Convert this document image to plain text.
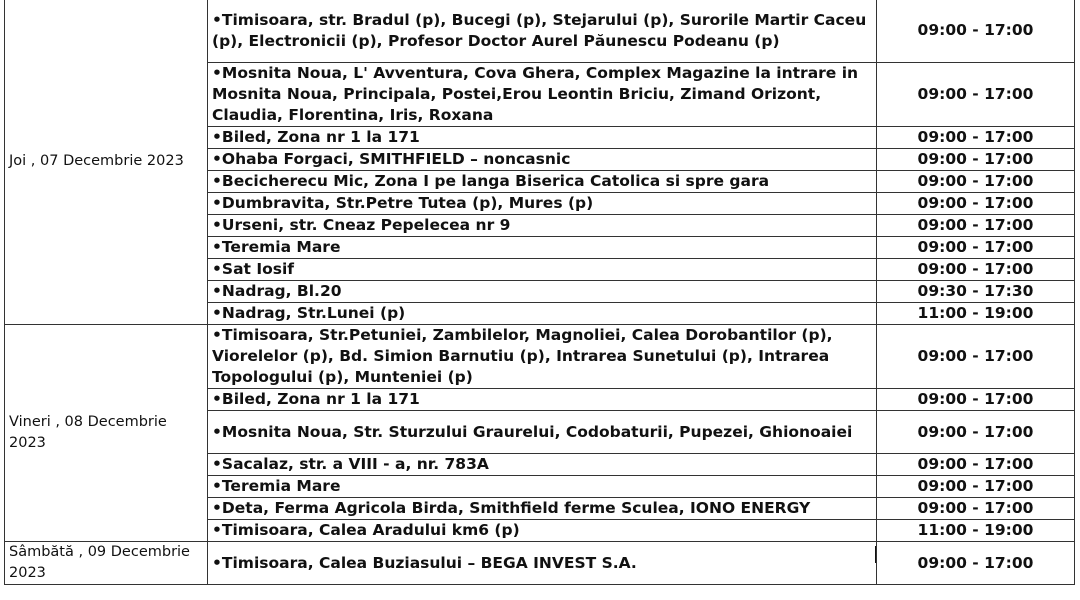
Joi , 07 Decembrie 2023	• Timisoara, str. Bradul (p), Bucegi (p), Stejarului (p), Surorile Martir Caceu (p), Electronicii (p), Profesor Doctor Aurel Păunescu Podeanu (p)	09:00 - 17:00
	• Mosnita Noua, L' Avventura, Cova Ghera, Complex Magazine la intrare in Mosnita Noua, Principala, Postei,Erou Leontin Briciu, Zimand Orizont, Claudia, Florentina, Iris, Roxana	09:00 - 17:00
	• Biled, Zona nr 1 la 171	09:00 - 17:00
	• Ohaba Forgaci, SMITHFIELD – noncasnic	09:00 - 17:00
	• Becicherecu Mic, Zona I pe langa Biserica Catolica si spre gara	09:00 - 17:00
	• Dumbravita, Str.Petre Tutea (p), Mures (p)	09:00 - 17:00
	• Urseni, str. Cneaz Pepelecea nr 9	09:00 - 17:00
	• Teremia Mare	09:00 - 17:00
	• Sat Iosif	09:00 - 17:00
	• Nadrag, Bl.20	09:30 - 17:30
	• Nadrag, Str.Lunei (p)	11:00 - 19:00
Vineri , 08 Decembrie 2023	• Timisoara, Str.Petuniei, Zambilelor, Magnoliei, Calea Dorobantilor (p), Viorelelor (p), Bd. Simion Barnutiu (p), Intrarea Sunetului (p), Intrarea Topologului (p), Munteniei (p)	09:00 - 17:00
	• Biled, Zona nr 1 la 171	09:00 - 17:00
	• Mosnita Noua, Str. Sturzului Graurelui, Codobaturii, Pupezei, Ghionoaiei	09:00 - 17:00
	• Sacalaz, str. a VIII - a, nr. 783A	09:00 - 17:00
	• Teremia Mare	09:00 - 17:00
	• Deta, Ferma Agricola Birda, Smithfield ferme Sculea, IONO ENERGY	09:00 - 17:00
	• Timisoara, Calea Aradului km6 (p)	11:00 - 19:00
Sâmbătă , 09 Decembrie 2023	• Timisoara, Calea Buziasului – BEGA INVEST S.A.	09:00 - 17:00
